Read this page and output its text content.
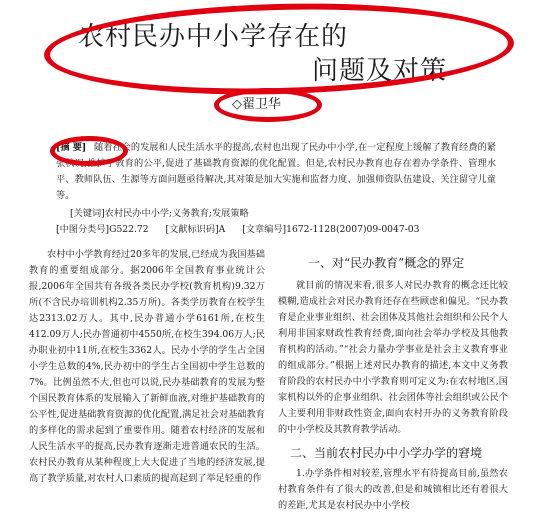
农村民办中小学存在的
问题及对策
◇翟卫华
[摘 要] 随着社会的发展和人民生活水平的提高,农村也出现了民办中小学,在一定程度上缓解了教育经费的紧张状况,推护了教育的公平,促进了基础教育资源的优化配置。但是,农村民办教育也存在着办学条件、管理水平、教师队伍、生源等方面问题亟待解决,其对策是加大实施和监督力度、加强师资队伍建设、关注留守儿童等。
[关键词]农村民办中小学;义务教育;发展策略
[中图分类号]G522.72 [文献标识码]A [文章编号]1672-1128(2007)09-0047-03

农村中小学教育经过20多年的发展,已经成为我国基础教育的重要组成部分。据2006年全国教育事业统计公报,2006年全国共有各级各类民办学校(教育机构)9.32万所(不含民办培训机构2.35万所)。各类学历教育在校学生达2313.02万人。其中,民办普通小学6161所,在校生412.09万人;民办普通初中4550所,在校生394.06万人;民办职业初中11所,在校生3362人。民办小学的学生占全国小学生总数的4%,民办初中的学生占全国初中学生总数的7%。比例虽然不大,但也可以说,民办基础教育的发展为整个国民教育体系的发展输入了新鲜血液,对维护基础教育的公平性,促进基础教育资源的优化配置,满足社会对基础教育的多样化的需求起到了重要作用。随着农村经济的发展和人民生活水平的提高,民办教育逐渐走进普通农民的生活。农村民办教育从某种程度上大大促进了当地的经济发展,提高了教学质量,对农村人口素质的提高起到了举足轻重的作

一、对“民办教育”概念的界定

就目前的情况来看,很多人对民办教育的概念还比较模糊,造成社会对民办教育还存在些顾虑和偏见。“民办教育是企业事业组织、社会团体及其他社会组织和公民个人利用非国家财政性教育经费,面向社会举办学校及其他教育机构的活动。”“社会力量办学事业是社会主义教育事业的组成部分。”根据上述对民办教育的描述,本文中义务教育阶段的农村民办中小学教育则可定义为:在农村地区,国家机构以外的企事业组织、社会团体等社会组织或公民个人主要利用非财政性资金,面向农村开办的义务教育阶段的中小学校及其教育教学活动。

二、当前农村民办中小学办学的窘境

1.办学条件相对较差,管理水平有待提高目前,虽然农村教育条件有了很大的改善,但是和城镇相比还有着很大的差距,尤其是农村民办中小学校
